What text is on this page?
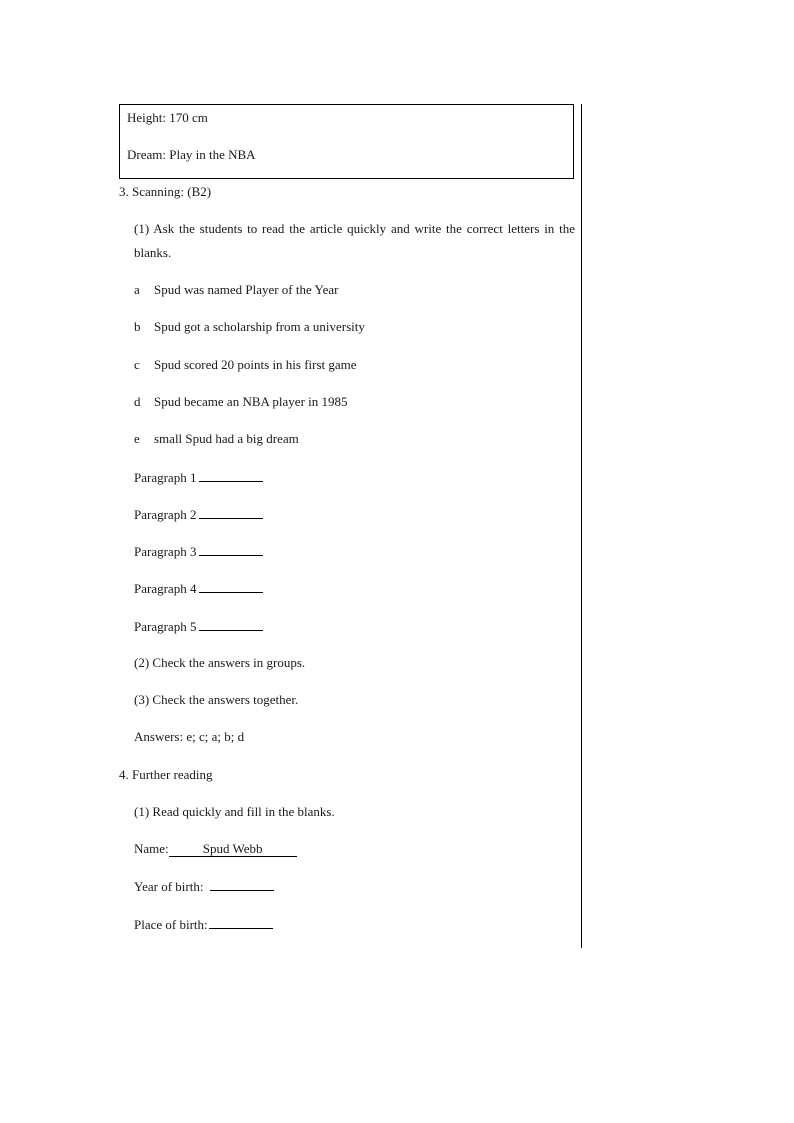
Height: 170 cm
Dream: Play in the NBA
3. Scanning: (B2)
(1) Ask the students to read the article quickly and write the correct letters in the blanks.
a Spud was named Player of the Year
b Spud got a scholarship from a university
c Spud scored 20 points in his first game
d Spud became an NBA player in 1985
e small Spud had a big dream
Paragraph 1
Paragraph 2
Paragraph 3
Paragraph 4
Paragraph 5
(2) Check the answers in groups.
(3) Check the answers together.
Answers: e; c; a; b; d
4. Further reading
(1) Read quickly and fill in the blanks.
Name:	Spud Webb
Year of birth:
Place of birth:
